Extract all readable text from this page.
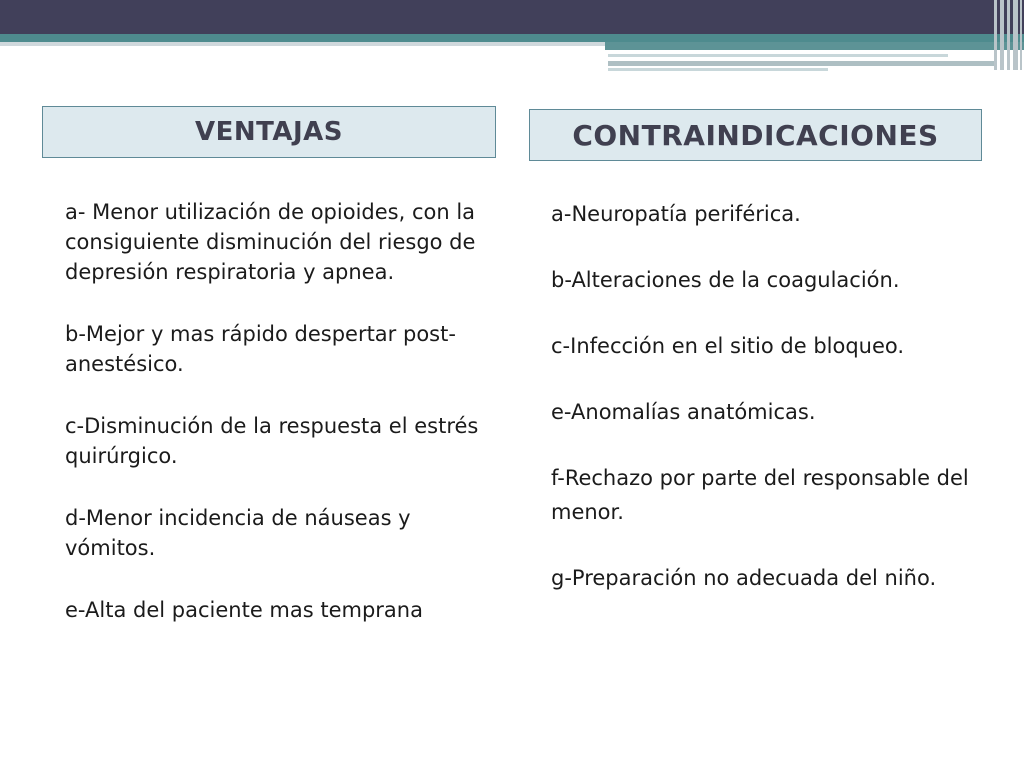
VENTAJAS	CONTRAINDICACIONES

a- Menor utilización de opioides, con la consiguiente disminución del riesgo de depresión respiratoria y apnea.

b-Mejor y mas rápido despertar post-anestésico.

c-Disminución de la respuesta el estrés quirúrgico.

d-Menor incidencia de náuseas y vómitos.

e-Alta del paciente mas temprana

a-Neuropatía periférica.

b-Alteraciones de la coagulación.

c-Infección en el sitio de bloqueo.

e-Anomalías anatómicas.

f-Rechazo por parte del responsable del menor.

g-Preparación no adecuada del niño.
